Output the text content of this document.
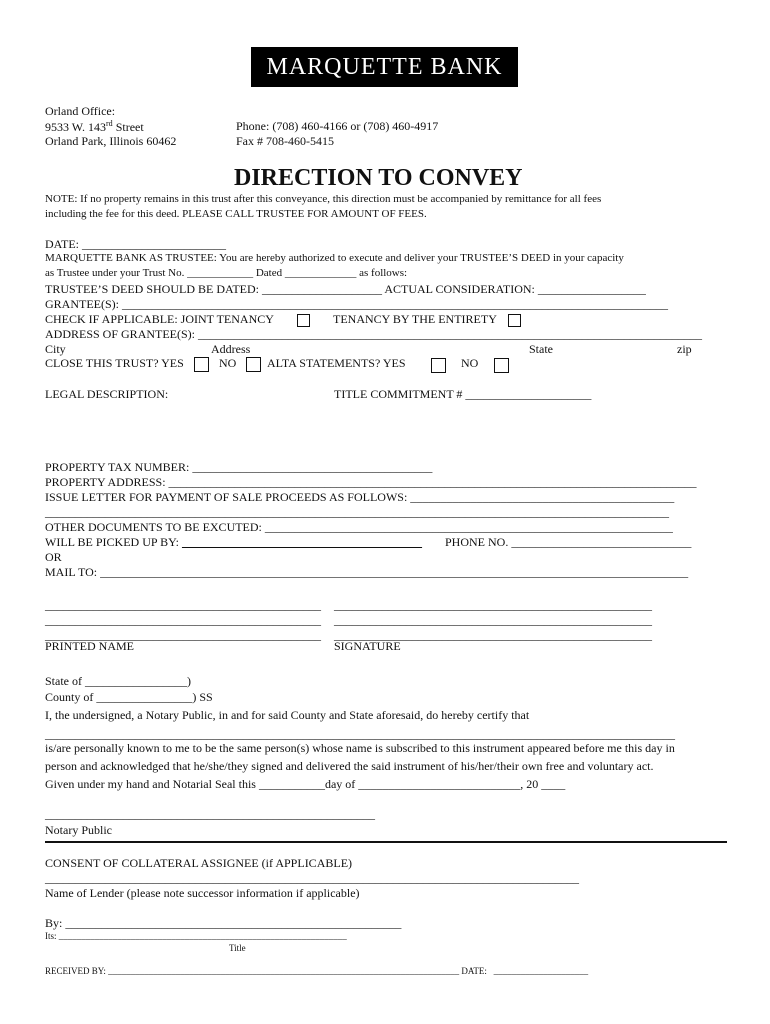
MARQUETTE BANK
Orland Office:
9533 W. 143rd Street
Orland Park, Illinois 60462
Phone: (708) 460-4166 or (708) 460-4917
Fax # 708-460-5415
DIRECTION TO CONVEY
NOTE: If no property remains in this trust after this conveyance, this direction must be accompanied by remittance for all fees
including the fee for this deed. PLEASE CALL TRUSTEE FOR AMOUNT OF FEES.
DATE: ________________________
MARQUETTE BANK AS TRUSTEE: You are hereby authorized to execute and deliver your TRUSTEE’S DEED in your capacity
as Trustee under your Trust No. ____________ Dated _____________ as follows:
TRUSTEE’S DEED SHOULD BE DATED: ____________________ ACTUAL CONSIDERATION: __________________
GRANTEE(S): ___________________________________________________________________________________________
CHECK IF APPLICABLE: JOINT TENANCY	TENANCY BY THE ENTIRETY
ADDRESS OF GRANTEE(S): ____________________________________________________________________________________
City	Address	State	zip
CLOSE THIS TRUST? YES	NO	ALTA STATEMENTS? YES	NO
LEGAL DESCRIPTION:	TITLE COMMITMENT # _____________________
PROPERTY TAX NUMBER: ________________________________________
PROPERTY ADDRESS: ________________________________________________________________________________________
ISSUE LETTER FOR PAYMENT OF SALE PROCEEDS AS FOLLOWS: ____________________________________________
________________________________________________________________________________________________________
OTHER DOCUMENTS TO BE EXCUTED: ____________________________________________________________________
WILL BE PICKED UP BY: ________________________________________ PHONE NO. ______________________________
OR
MAIL TO: __________________________________________________________________________________________________
______________________________________________ _____________________________________________________
______________________________________________ _____________________________________________________
______________________________________________ _____________________________________________________
PRINTED NAME	SIGNATURE
State of _________________)
County of ________________) SS
I, the undersigned, a Notary Public, in and for said County and State aforesaid, do hereby certify that
_________________________________________________________________________________________________________
is/are personally known to me to be the same person(s) whose name is subscribed to this instrument appeared before me this day in
person and acknowledged that he/she/they signed and delivered the said instrument of his/her/their own free and voluntary act.
Given under my hand and Notarial Seal this ___________day of ___________________________, 20 ____
_______________________________________________________
Notary Public
CONSENT OF COLLATERAL ASSIGNEE (if APPLICABLE)
_________________________________________________________________________________________
Name of Lender (please note successor information if applicable)
By: ________________________________________________________
Its: ________________________________________________________________
Title
RECEIVED BY: ______________________________________________________________________________ DATE: _____________________
